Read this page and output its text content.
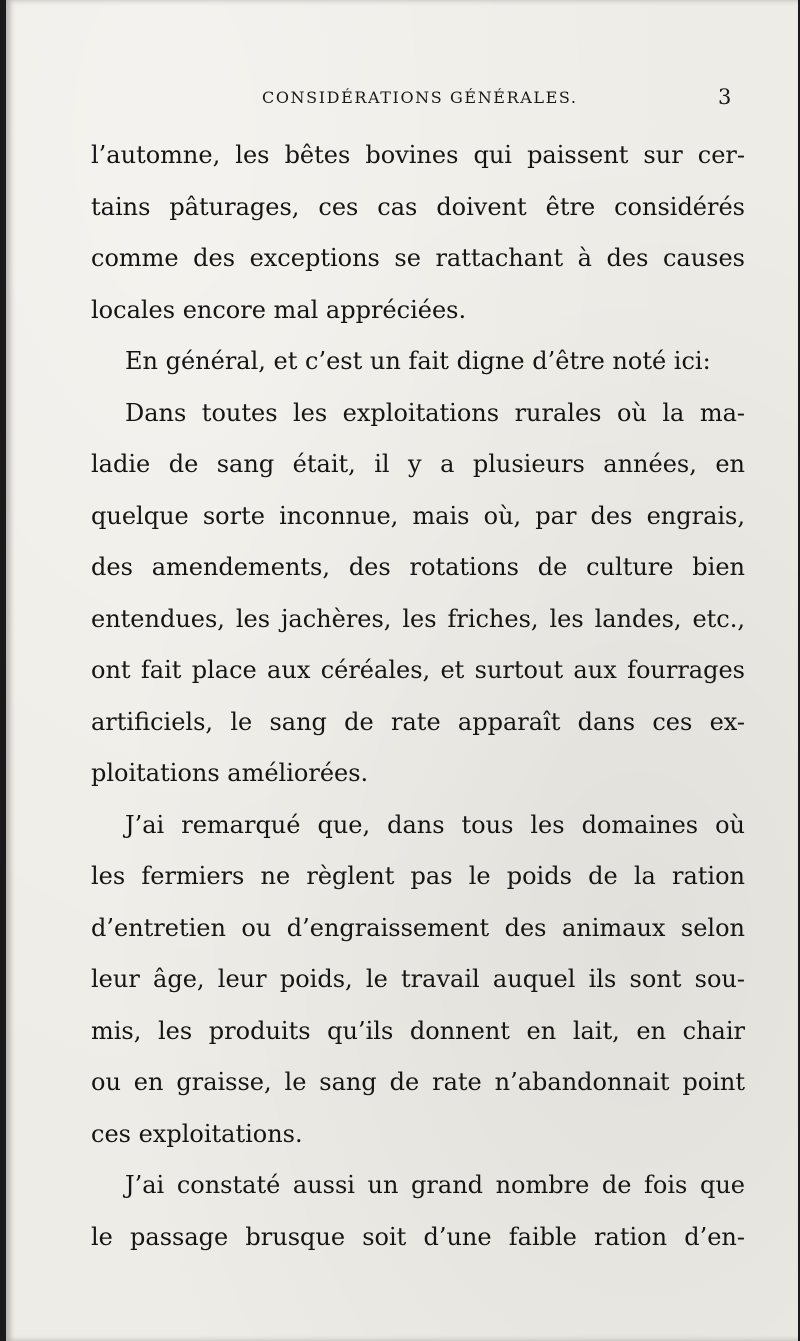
CONSIDÉRATIONS GÉNÉRALES.	3
l’automne, les bêtes bovines qui paissent sur cer-
tains pâturages, ces cas doivent être considérés
comme des exceptions se rattachant à des causes
locales encore mal appréciées.
En général, et c’est un fait digne d’être noté ici:
Dans toutes les exploitations rurales où la ma-
ladie de sang était, il y a plusieurs années, en
quelque sorte inconnue, mais où, par des engrais,
des amendements, des rotations de culture bien
entendues, les jachères, les friches, les landes, etc.,
ont fait place aux céréales, et surtout aux fourrages
artificiels, le sang de rate apparaît dans ces ex-
ploitations améliorées.
J’ai remarqué que, dans tous les domaines où
les fermiers ne règlent pas le poids de la ration
d’entretien ou d’engraissement des animaux selon
leur âge, leur poids, le travail auquel ils sont sou-
mis, les produits qu’ils donnent en lait, en chair
ou en graisse, le sang de rate n’abandonnait point
ces exploitations.
J’ai constaté aussi un grand nombre de fois que
le passage brusque soit d’une faible ration d’en-
